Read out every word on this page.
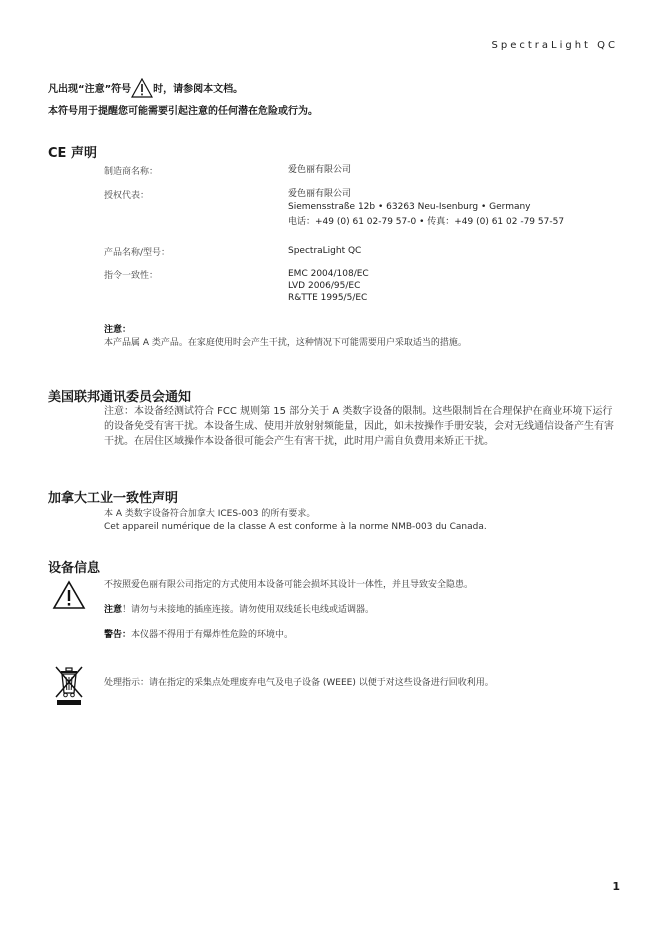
SpectraLight QC
凡出现“注意”符号 时，请参阅本文档。
本符号用于提醒您可能需要引起注意的任何潜在危险或行为。
CE 声明
制造商名称：	爱色丽有限公司
授权代表：	爱色丽有限公司
Siemensstraße 12b • 63263 Neu-Isenburg • Germany
电话：+49 (0) 61 02-79 57-0 • 传真：+49 (0) 61 02 -79 57-57
产品名称/型号：	SpectraLight QC
指令一致性：	EMC 2004/108/EC
LVD 2006/95/EC
R&TTE 1995/5/EC
注意：
本产品属 A 类产品。在家庭使用时会产生干扰，这种情况下可能需要用户采取适当的措施。
美国联邦通讯委员会通知
注意：本设备经测试符合 FCC 规则第 15 部分关于 A 类数字设备的限制。这些限制旨在合理保护在商业环境下运行的设备免受有害干扰。本设备生成、使用并放射射频能量，因此，如未按操作手册安装，会对无线通信设备产生有害干扰。在居住区域操作本设备很可能会产生有害干扰，此时用户需自负费用来矫正干扰。
加拿大工业一致性声明
本 A 类数字设备符合加拿大 ICES-003 的所有要求。
Cet appareil numérique de la classe A est conforme à la norme NMB-003 du Canada.
设备信息
不按照爱色丽有限公司指定的方式使用本设备可能会损坏其设计一体性，并且导致安全隐患。
注意！请勿与未接地的插座连接。请勿使用双线延长电线或适调器。
警告：本仪器不得用于有爆炸性危险的环境中。
处理指示：请在指定的采集点处理废弃电气及电子设备 (WEEE) 以便于对这些设备进行回收利用。
1
